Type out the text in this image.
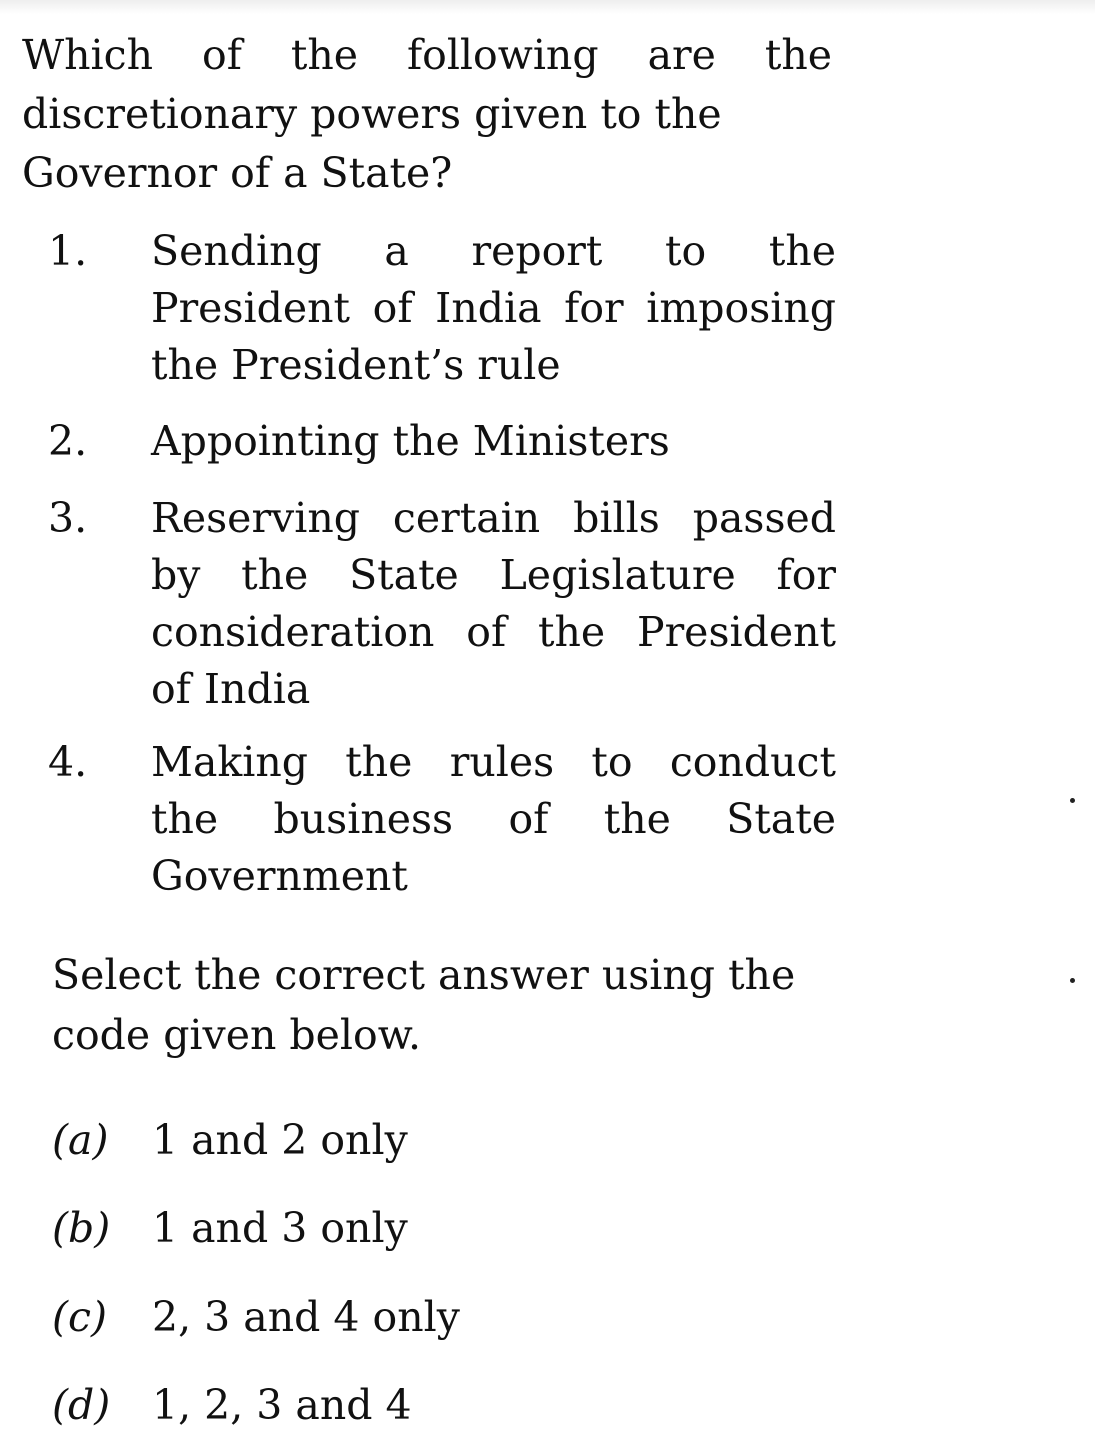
Which of the following are the
discretionary powers given to the
Governor of a State?
1.	Sending a report to the
President of India for imposing
the President’s rule
2.	Appointing the Ministers
3.	Reserving certain bills passed
by the State Legislature for
consideration of the President
of India
4.	Making the rules to conduct
the business of the State
Government
Select the correct answer using the
code given below.
(a) 1 and 2 only
(b) 1 and 3 only
(c) 2, 3 and 4 only
(d) 1, 2, 3 and 4
